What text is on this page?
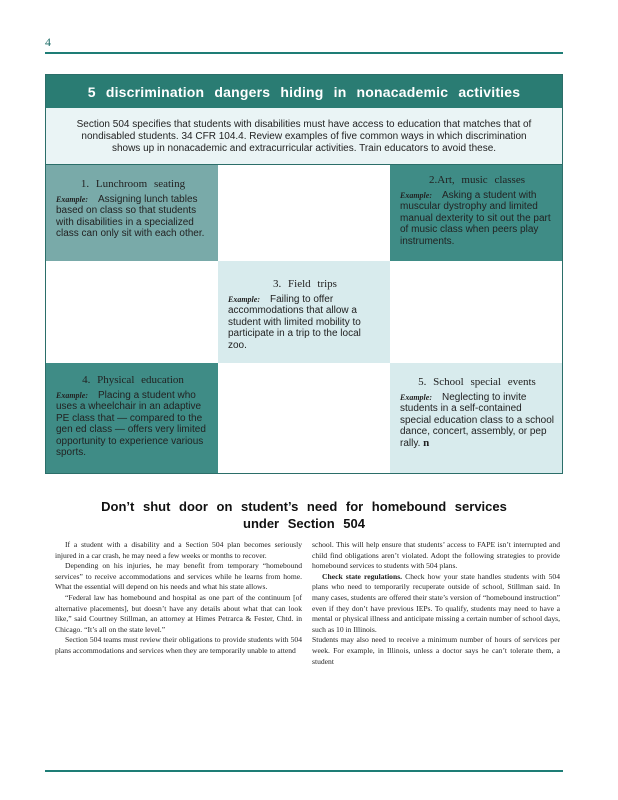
4
5 discrimination dangers hiding in nonacademic activities
Section 504 specifies that students with disabilities must have access to education that matches that of nondisabled students. 34 CFR 104.4. Review examples of five common ways in which discrimination shows up in nonacademic and extracurricular activities. Train educators to avoid these.
1. Lunchroom seating
Example: Assigning lunch tables based on class so that students with disabilities in a specialized class can only sit with each other.
2.Art, music classes
Example: Asking a student with muscular dystrophy and limited manual dexterity to sit out the part of music class when peers play instruments.
3. Field trips
Example: Failing to offer accommodations that allow a student with limited mobility to participate in a trip to the local zoo.
4. Physical education
Example: Placing a student who uses a wheelchair in an adaptive PE class that — compared to the gen ed class — offers very limited opportunity to experience various sports.
5. School special events
Example: Neglecting to invite students in a self-contained special education class to a school dance, concert, assembly, or pep rally. n
Don’t shut door on student’s need for homebound services
under Section 504

If a student with a disability and a Section 504 plan becomes seriously injured in a car crash, he may need a few weeks or months to recover.

Depending on his injuries, he may benefit from temporary “homebound services” to receive accommodations and services while he learns from home. What the essential will depend on his needs and what his state allows.

“Federal law has homebound and hospital as one part of the continuum [of alternative placements], but doesn’t have any details about what that can look like,” said Courtney Stillman, an attorney at Himes Petrarca & Fester, Chtd. in Chicago. “It’s all on the state level.”

Section 504 teams must review their obligations to provide students with 504 plans accommodations and services when they are temporarily unable to attend

school. This will help ensure that students’ access to FAPE isn’t interrupted and child find obligations aren’t violated. Adopt the following strategies to provide homebound services to students with 504 plans.

Check state regulations. Check how your state handles students with 504 plans who need to temporarily recuperate outside of school, Stillman said. In many cases, students are offered their state’s version of “homebound instruction” even if they don’t have previous IEPs. To qualify, students may need to have a mental or physical illness and anticipate missing a certain number of school days, such as 10 in Illinois.

Students may also need to receive a minimum number of hours of services per week. For example, in Illinois, unless a doctor says he can’t tolerate them, a student
